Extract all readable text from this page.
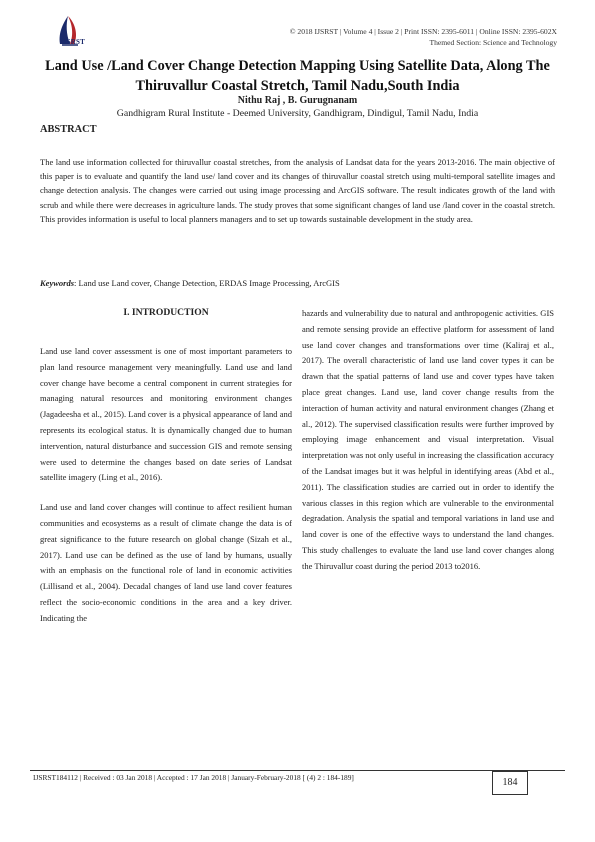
IJSRST
© 2018 IJSRST | Volume 4 | Issue 2 | Print ISSN: 2395-6011 | Online ISSN: 2395-602X
Themed Section: Science and Technology
Land Use /Land Cover Change Detection Mapping Using Satellite Data, Along The Thiruvallur Coastal Stretch, Tamil Nadu,South India
Nithu Raj , B. Gurugnanam
Gandhigram Rural Institute - Deemed University, Gandhigram, Dindigul, Tamil Nadu, India
ABSTRACT
The land use information collected for thiruvallur coastal stretches, from the analysis of Landsat data for the years 2013-2016. The main objective of this paper is to evaluate and quantify the land use/ land cover and its changes of thiruvallur coastal stretch using multi-temporal satellite images and change detection analysis. The changes were carried out using image processing and ArcGIS software. The result indicates growth of the land with scrub and while there were decreases in agriculture lands. The study proves that some significant changes of land use /land cover in the coastal stretch. This provides information is useful to local planners managers and to set up towards sustainable development in the study area.
Keywords: Land use Land cover, Change Detection, ERDAS Image Processing, ArcGIS
I. INTRODUCTION

Land use land cover assessment is one of most important parameters to plan land resource management very meaningfully. Land use and land cover change have become a central component in current strategies for managing natural resources and monitoring environment changes (Jagadeesha et al., 2015). Land cover is a physical appearance of land and represents its ecological status. It is dynamically changed due to human intervention, natural disturbance and succession GIS and remote sensing were used to determine the changes based on date series of Landsat satellite imagery (Ling et al., 2016).

Land use and land cover changes will continue to affect resilient human communities and ecosystems as a result of climate change the data is of great significance to the future research on global change (Sizah et al., 2017). Land use can be defined as the use of land by humans, usually with an emphasis on the functional role of land in economic activities (Lillisand et al., 2004). Decadal changes of land use land cover features reflect the socio-economic conditions in the area and a key driver. Indicating the

hazards and vulnerability due to natural and anthropogenic activities. GIS and remote sensing provide an effective platform for assessment of land use land cover changes and transformations over time (Kaliraj et al., 2017). The overall characteristic of land use land cover types it can be drawn that the spatial patterns of land use and cover types have taken place great changes. Land use, land cover change results from the interaction of human activity and natural environment changes (Zhang et al., 2012). The supervised classification results were further improved by employing image enhancement and visual interpretation. Visual interpretation was not only useful in increasing the classification accuracy of the Landsat images but it was helpful in identifying areas (Abd et al., 2011). The classification studies are carried out in order to identify the various classes in this region which are vulnerable to the environmental degradation. Analysis the spatial and temporal variations in land use and land cover is one of the effective ways to understand the land changes. This study challenges to evaluate the land use land cover changes along the Thiruvallur coast during the period 2013 to2016.

IJSRST184112 | Received : 03 Jan 2018 | Accepted : 17 Jan 2018 | January-February-2018 [ (4) 2 : 184-189]	184
